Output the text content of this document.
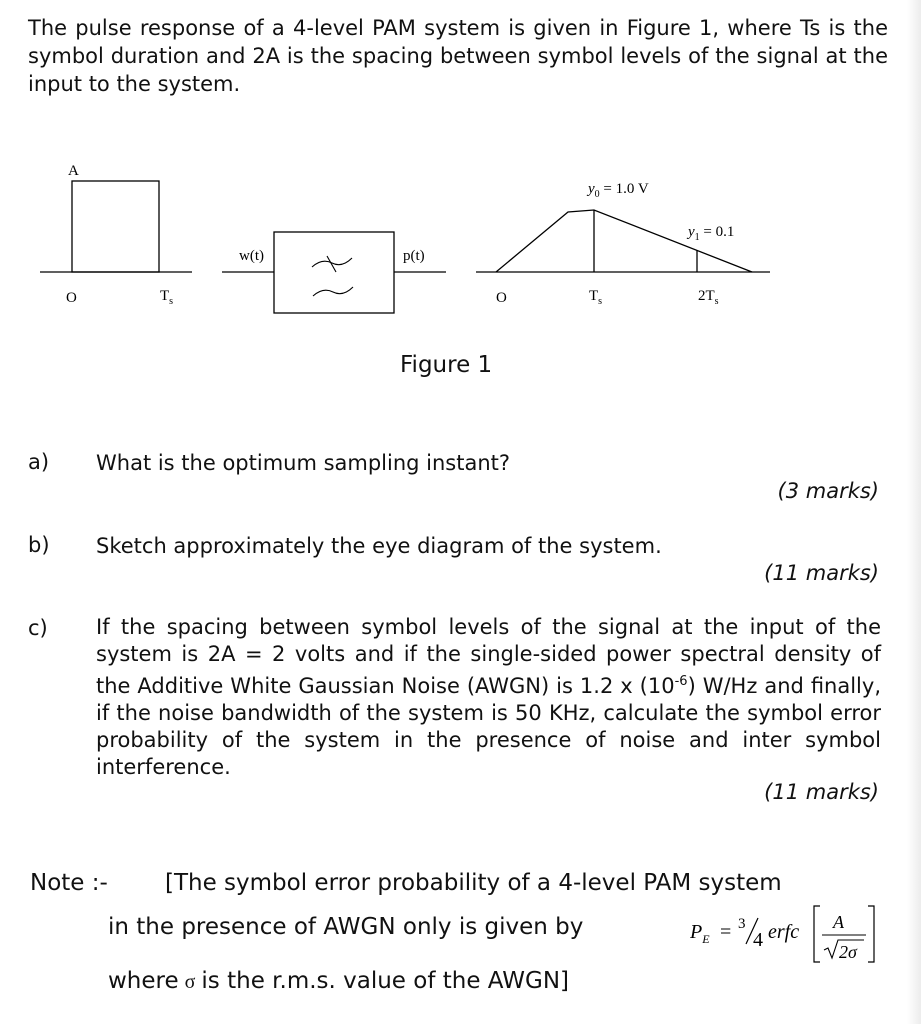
The pulse response of a 4-level PAM system is given in Figure 1, where Ts is the symbol duration and 2A is the spacing between symbol levels of the signal at the input to the system.

A
O	$T_s$
w(t)	p(t)
$y_0 = 1.0$ V
$y_1 = 0.1$
O	$T_s$	$2T_s$
Figure 1
a) What is the optimum sampling instant?

(3 marks)
b) Sketch approximately the eye diagram of the system.

(11 marks)
c) If the spacing between symbol levels of the signal at the input of the system is 2A = 2 volts and if the single-sided power spectral density of the Additive White Gaussian Noise (AWGN) is 1.2 x $(10^{-6})$ W/Hz and finally, if the noise bandwidth of the system is 50 KHz, calculate the symbol error probability of the system in the presence of noise and inter symbol interference.

(11 marks)
Note :- [The symbol error probability of a 4-level PAM system
in the presence of AWGN only is given by	$P_E = 3$
4 erfc A
2σ
where σ is the r.m.s. value of the AWGN]
